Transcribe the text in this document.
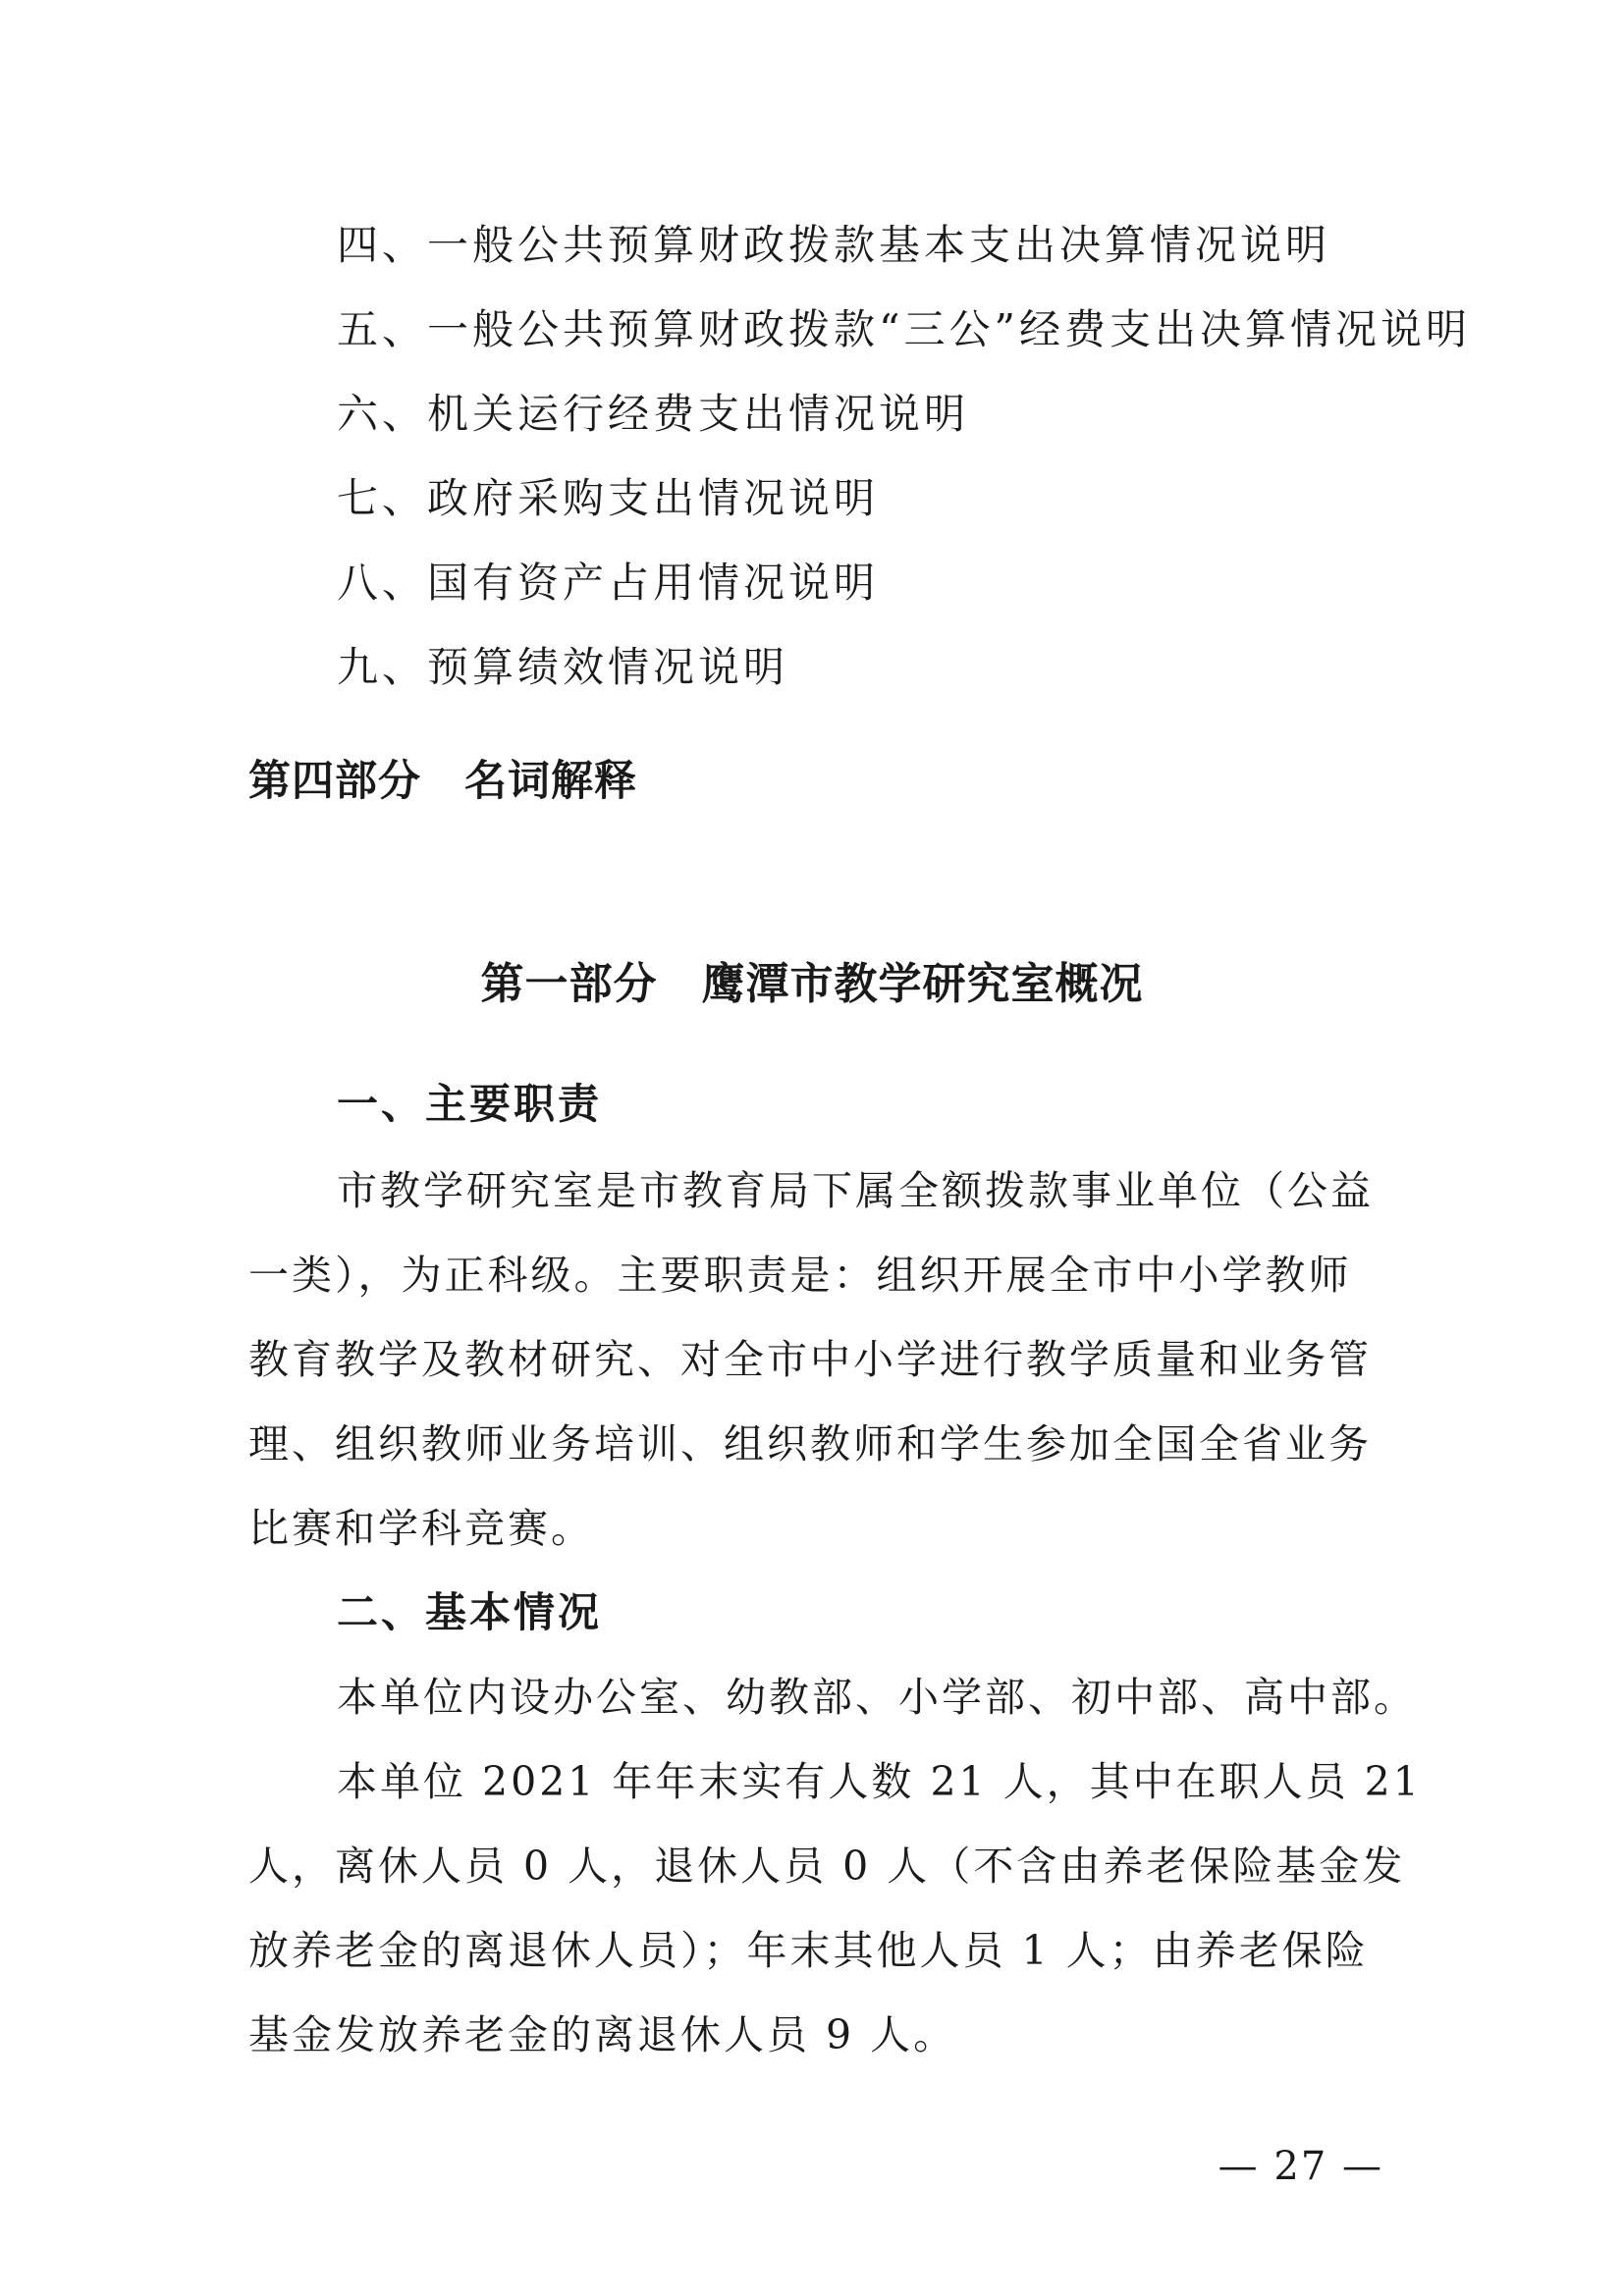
四、一般公共预算财政拨款基本支出决算情况说明
五、一般公共预算财政拨款“三公”经费支出决算情况说明
六、机关运行经费支出情况说明
七、政府采购支出情况说明
八、国有资产占用情况说明
九、预算绩效情况说明
第四部分　名词解释
第一部分　鹰潭市教学研究室概况
一、主要职责
市教学研究室是市教育局下属全额拨款事业单位（公益
一类），为正科级。主要职责是：组织开展全市中小学教师
教育教学及教材研究、对全市中小学进行教学质量和业务管
理、组织教师业务培训、组织教师和学生参加全国全省业务
比赛和学科竞赛。
二、基本情况
本单位内设办公室、幼教部、小学部、初中部、高中部。
本单位 2021 年年末实有人数 21 人，其中在职人员 21
人，离休人员 0 人，退休人员 0 人（不含由养老保险基金发
放养老金的离退休人员）；年末其他人员 1 人；由养老保险
基金发放养老金的离退休人员 9 人。
— 27 —
